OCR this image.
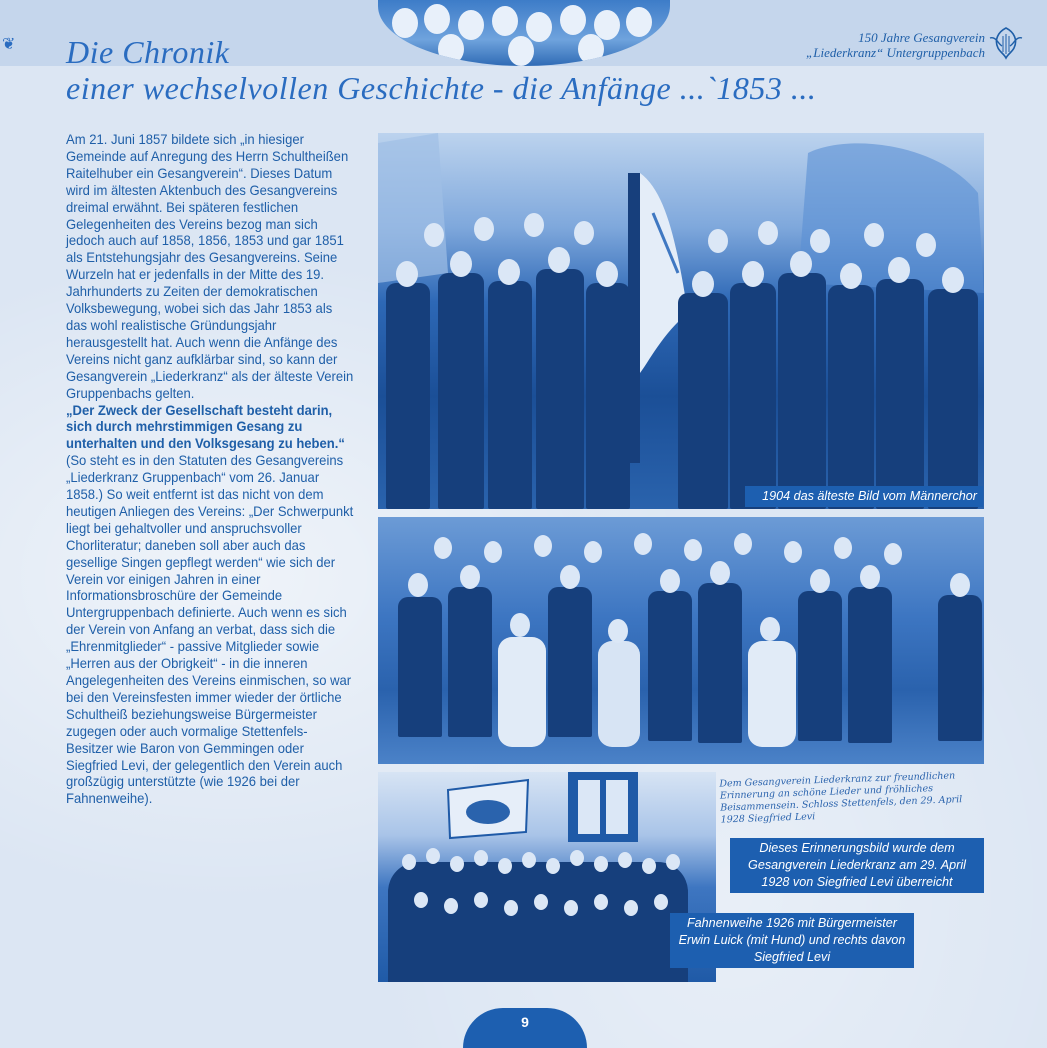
❦	150 Jahre Gesangverein
„Liederkranz“ Untergruppenbach
Die Chronik
einer wechselvollen Geschichte - die Anfänge ...`1853 ...

Am 21. Juni 1857 bildete sich „in hiesiger Gemeinde auf Anregung des Herrn Schultheißen Raitelhuber ein Gesangverein“. Dieses Datum wird im ältesten Aktenbuch des Gesangvereins dreimal erwähnt. Bei späteren festlichen Gelegenheiten des Vereins bezog man sich jedoch auch auf 1858, 1856, 1853 und gar 1851 als Entstehungsjahr des Gesangvereins. Seine Wurzeln hat er jedenfalls in der Mitte des 19. Jahrhunderts zu Zeiten der demokratischen Volksbewegung, wobei sich das Jahr 1853 als das wohl realistische Gründungsjahr herausgestellt hat. Auch wenn die Anfänge des Vereins nicht ganz aufklärbar sind, so kann der Gesangverein „Liederkranz“ als der älteste Verein Gruppenbachs gelten.

„Der Zweck der Gesellschaft besteht darin, sich durch mehrstimmigen Gesang zu unterhalten und den Volksgesang zu heben.“

(So steht es in den Statuten des Gesangvereins „Liederkranz Gruppenbach“ vom 26. Januar 1858.) So weit entfernt ist das nicht von dem heutigen Anliegen des Vereins: „Der Schwerpunkt liegt bei gehaltvoller und anspruchsvoller Chorliteratur; daneben soll aber auch das gesellige Singen gepflegt werden“ wie sich der Verein vor einigen Jahren in einer Informationsbroschüre der Gemeinde Untergruppenbach definierte. Auch wenn es sich der Verein von Anfang an verbat, dass sich die „Ehrenmitglieder“ - passive Mitglieder sowie „Herren aus der Obrigkeit“ - in die inneren Angelegenheiten des Vereins einmischen, so war bei den Vereinsfesten immer wieder der örtliche Schultheiß beziehungsweise Bürgermeister zugegen oder auch vormalige Stettenfels-Besitzer wie Baron von Gemmingen oder Siegfried Levi, der gelegentlich den Verein auch großzügig unterstützte (wie 1926 bei der Fahnenweihe).

1904 das älteste Bild vom Männerchor
Dem Gesangverein Liederkranz zur freundlichen Erinnerung an schöne Lieder und fröhliches Beisammensein. Schloss Stettenfels, den 29. April 1928 Siegfried Levi
Dieses Erinnerungsbild wurde dem Gesangverein Liederkranz am 29. April 1928 von Siegfried Levi überreicht
Fahnenweihe 1926 mit Bürgermeister Erwin Luick (mit Hund) und rechts davon Siegfried Levi
9
